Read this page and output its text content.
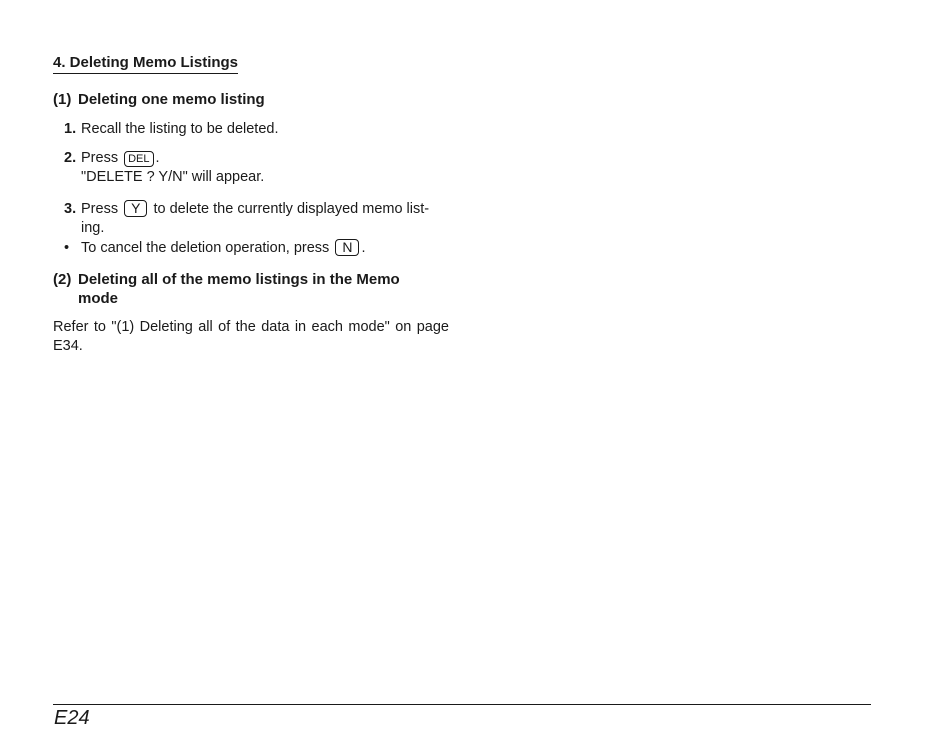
4. Deleting Memo Listings
(1) Deleting one memo listing
1. Recall the listing to be deleted.
2. Press DEL .
"DELETE ? Y/N" will appear.
3. Press Y to delete the currently displayed memo list-
ing.
• To cancel the deletion operation, press N .
(2) Deleting all of the memo listings in the Memo
mode
Refer to "(1) Deleting all of the data in each mode" on page E34.
E24
